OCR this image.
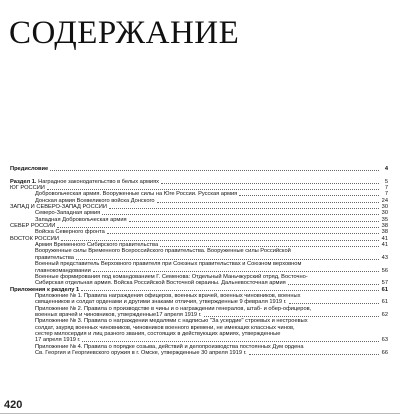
СОДЕРЖАНИЕ
Предисловие	4
Раздел 1. Наградное законодательство в белых армиях	5
ЮГ РОССИИ	7
Добровольческая армия. Вооруженные силы на Юге России. Русская армия	7
Донская армия Всевеликого войска Донского	24
ЗАПАД И СЕВЕРО-ЗАПАД РОССИИ	30
Северо-Западная армия	30
Западная Добровольческая армия	35
СЕВЕР РОССИИ	38
Войска Северного фронта	38
ВОСТОК РОССИИ	41
Армия Временного Сибирского правительства	41
Вооруженные силы Временного Всероссийского правительства. Вооруженные силы Российской
правительства	43
Военный представитель Верховного правителя при Союзных правительствах и Союзном верховном
главнокомандовании	56
Военные формирования под командованием Г. Семенова: Отдельный Маньчжурский отряд, Восточно-
Сибирская отдельная армия. Войска Российской Восточной окраины. Дальневосточная армия	57
Приложения к разделу 1	61
Приложение № 1. Правила награждения офицеров, военных врачей, военных чиновников, военных
священников и солдат орденами и другими знаками отличия, утвержденные 9 февраля 1919 г.	61
Приложение № 2. Правила о производстве в чины и о награждении генералов, штаб- и обер-офицеров,
военных врачей и чиновников, утвержденные17 апреля 1919 г.	62
Приложение № 3. Правила о награждении медалями с надписью "За усердие" строевых и нестроевых
солдат, зауряд военных чиновников, чиновников военного времени, не имеющих классных чинов,
сестер милосердия и лиц разного звания, состоящих в действующих армиях, утвержденные
17 апреля 1919 г.	63
Приложение № 4. Правила о порядке созыва, действий и делопроизводства постоянных Дум ордена
Св. Георгия и Георгиевского оружия в г. Омске, утвержденные 30 апреля 1919 г.	66
420
